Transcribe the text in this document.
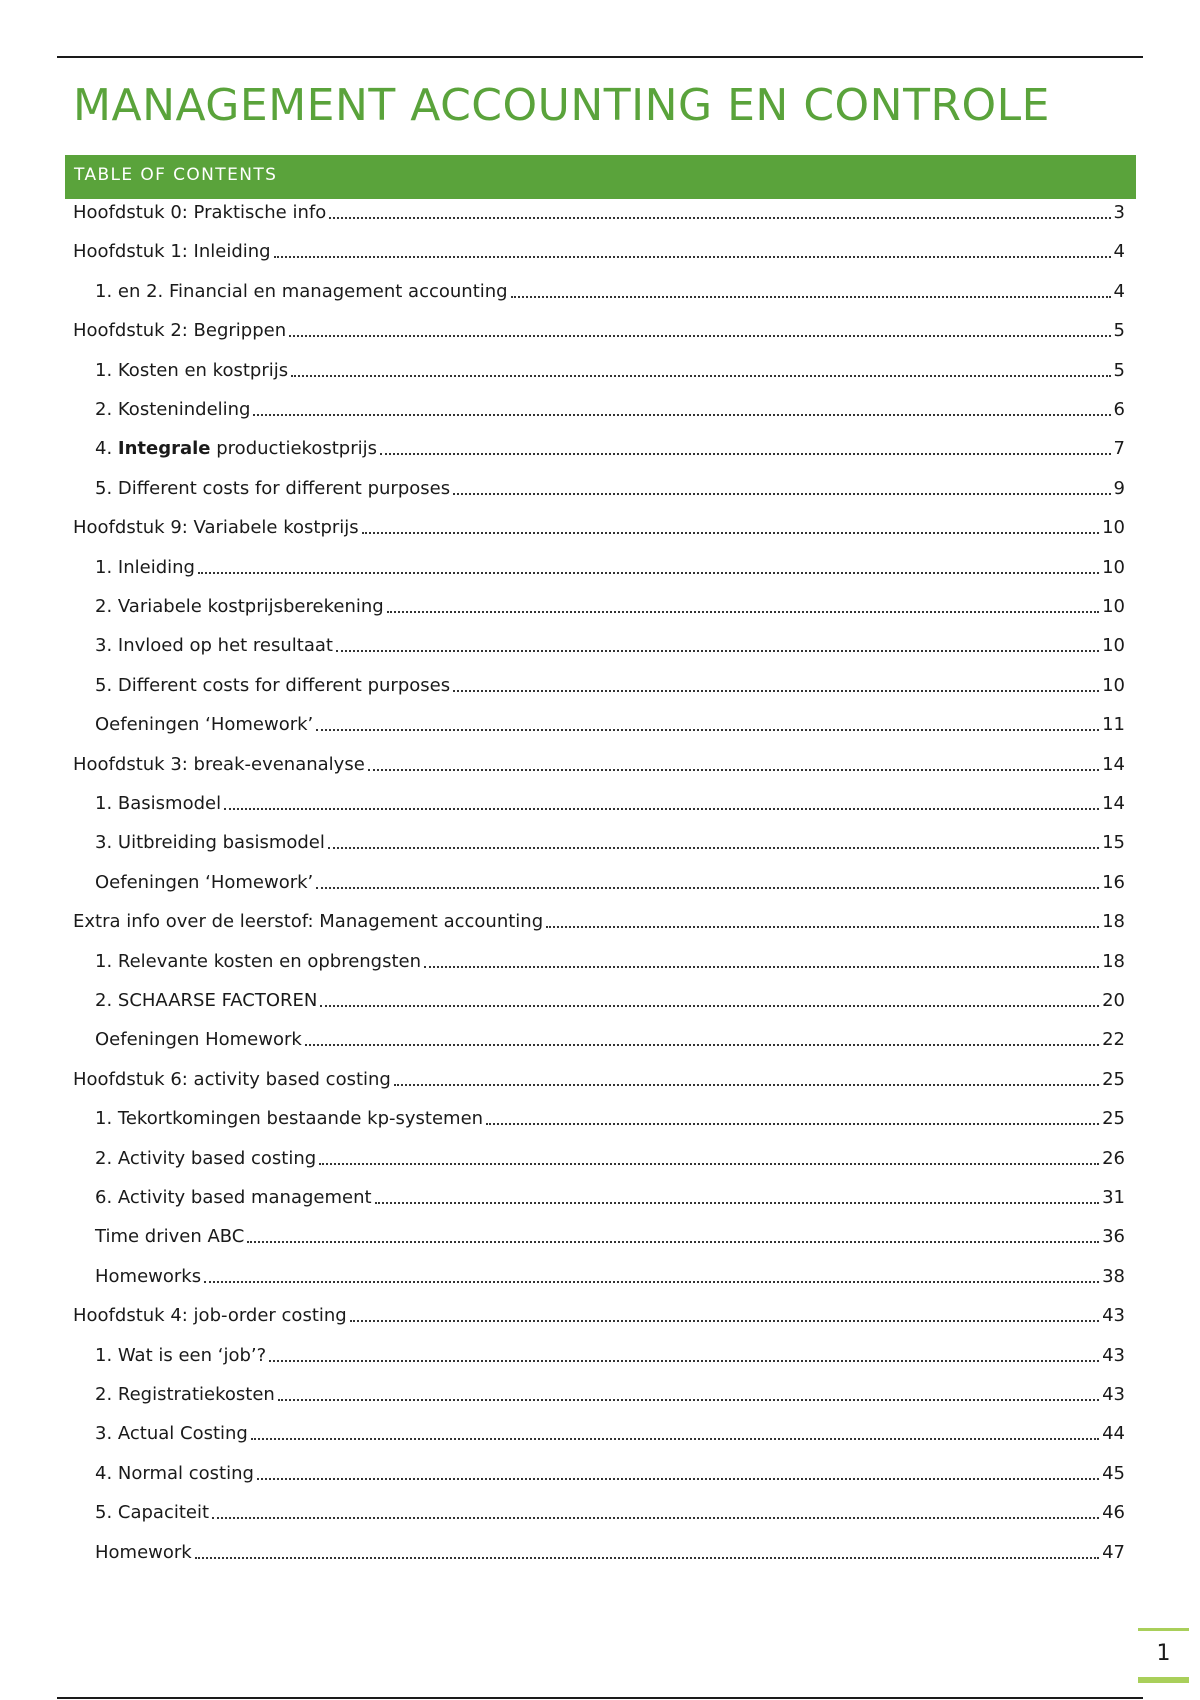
MANAGEMENT ACCOUNTING EN CONTROLE
TABLE OF CONTENTS
Hoofdstuk 0: Praktische info	3
Hoofdstuk 1: Inleiding	4
1. en 2. Financial en management accounting	4
Hoofdstuk 2: Begrippen	5
1. Kosten en kostprijs	5
2. Kostenindeling	6
4. Integrale productiekostprijs	7
5. Different costs for different purposes	9
Hoofdstuk 9: Variabele kostprijs	10
1. Inleiding	10
2. Variabele kostprijsberekening	10
3. Invloed op het resultaat	10
5. Different costs for different purposes	10
Oefeningen ‘Homework’	11
Hoofdstuk 3: break-evenanalyse	14
1. Basismodel	14
3. Uitbreiding basismodel	15
Oefeningen ‘Homework’	16
Extra info over de leerstof: Management accounting	18
1. Relevante kosten en opbrengsten	18
2. SCHAARSE FACTOREN	20
Oefeningen Homework	22
Hoofdstuk 6: activity based costing	25
1. Tekortkomingen bestaande kp-systemen	25
2. Activity based costing	26
6. Activity based management	31
Time driven ABC	36
Homeworks	38
Hoofdstuk 4: job-order costing	43
1. Wat is een ‘job’?	43
2. Registratiekosten	43
3. Actual Costing	44
4. Normal costing	45
5. Capaciteit	46
Homework	47
1
